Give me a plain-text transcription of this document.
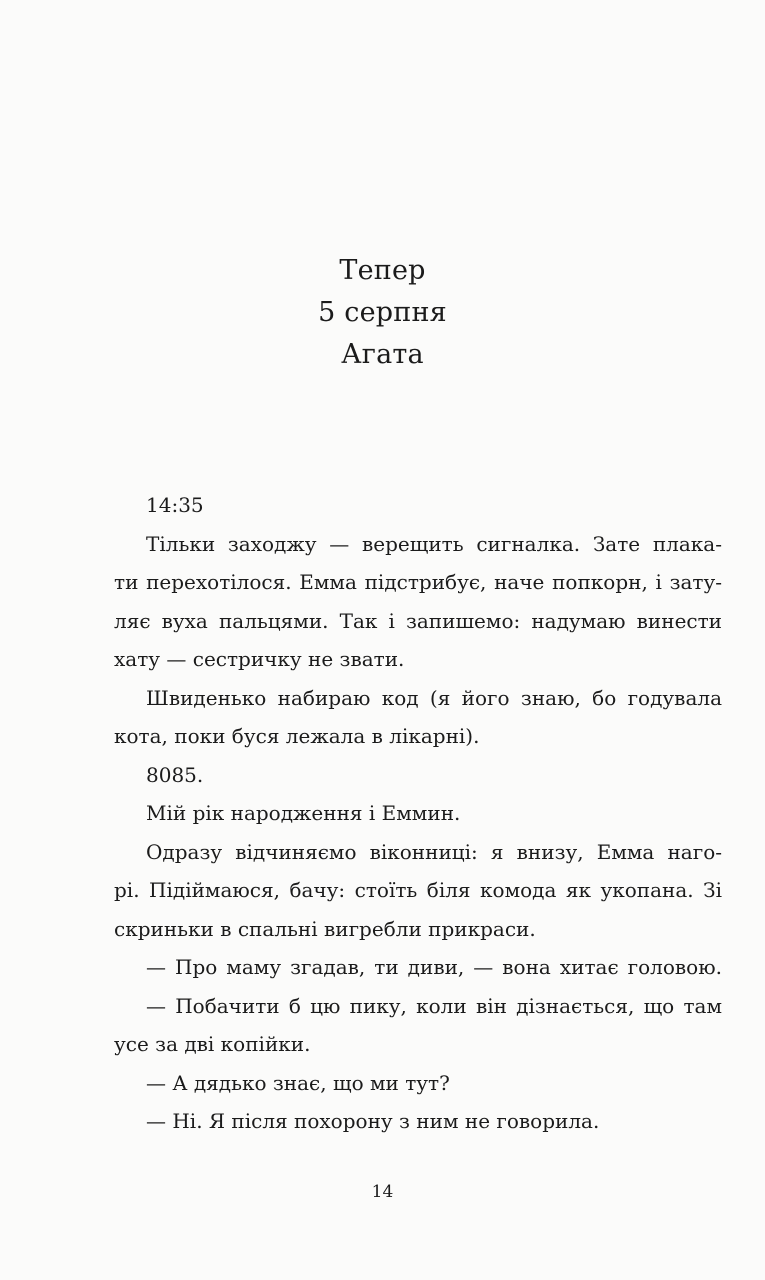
Тепер
5 серпня
Агата
14:35
Тільки заходжу — верещить сигналка. Зате плака-
ти перехотілося. Емма підстрибує, наче попкорн, і зату-
ляє вуха пальцями. Так і запишемо: надумаю винести
хату — сестричку не звати.
Швиденько набираю код (я його знаю, бо годувала
кота, поки буся лежала в лікарні).
8085.
Мій рік народження і Еммин.
Одразу відчиняємо віконниці: я внизу, Емма наго-
рі. Підіймаюся, бачу: стоїть біля комода як укопана. Зі
скриньки в спальні вигребли прикраси.
— Про маму згадав, ти диви, — вона хитає головою.
— Побачити б цю пику, коли він дізнається, що там
усе за дві копійки.
— А дядько знає, що ми тут?
— Ні. Я після похорону з ним не говорила.
14
